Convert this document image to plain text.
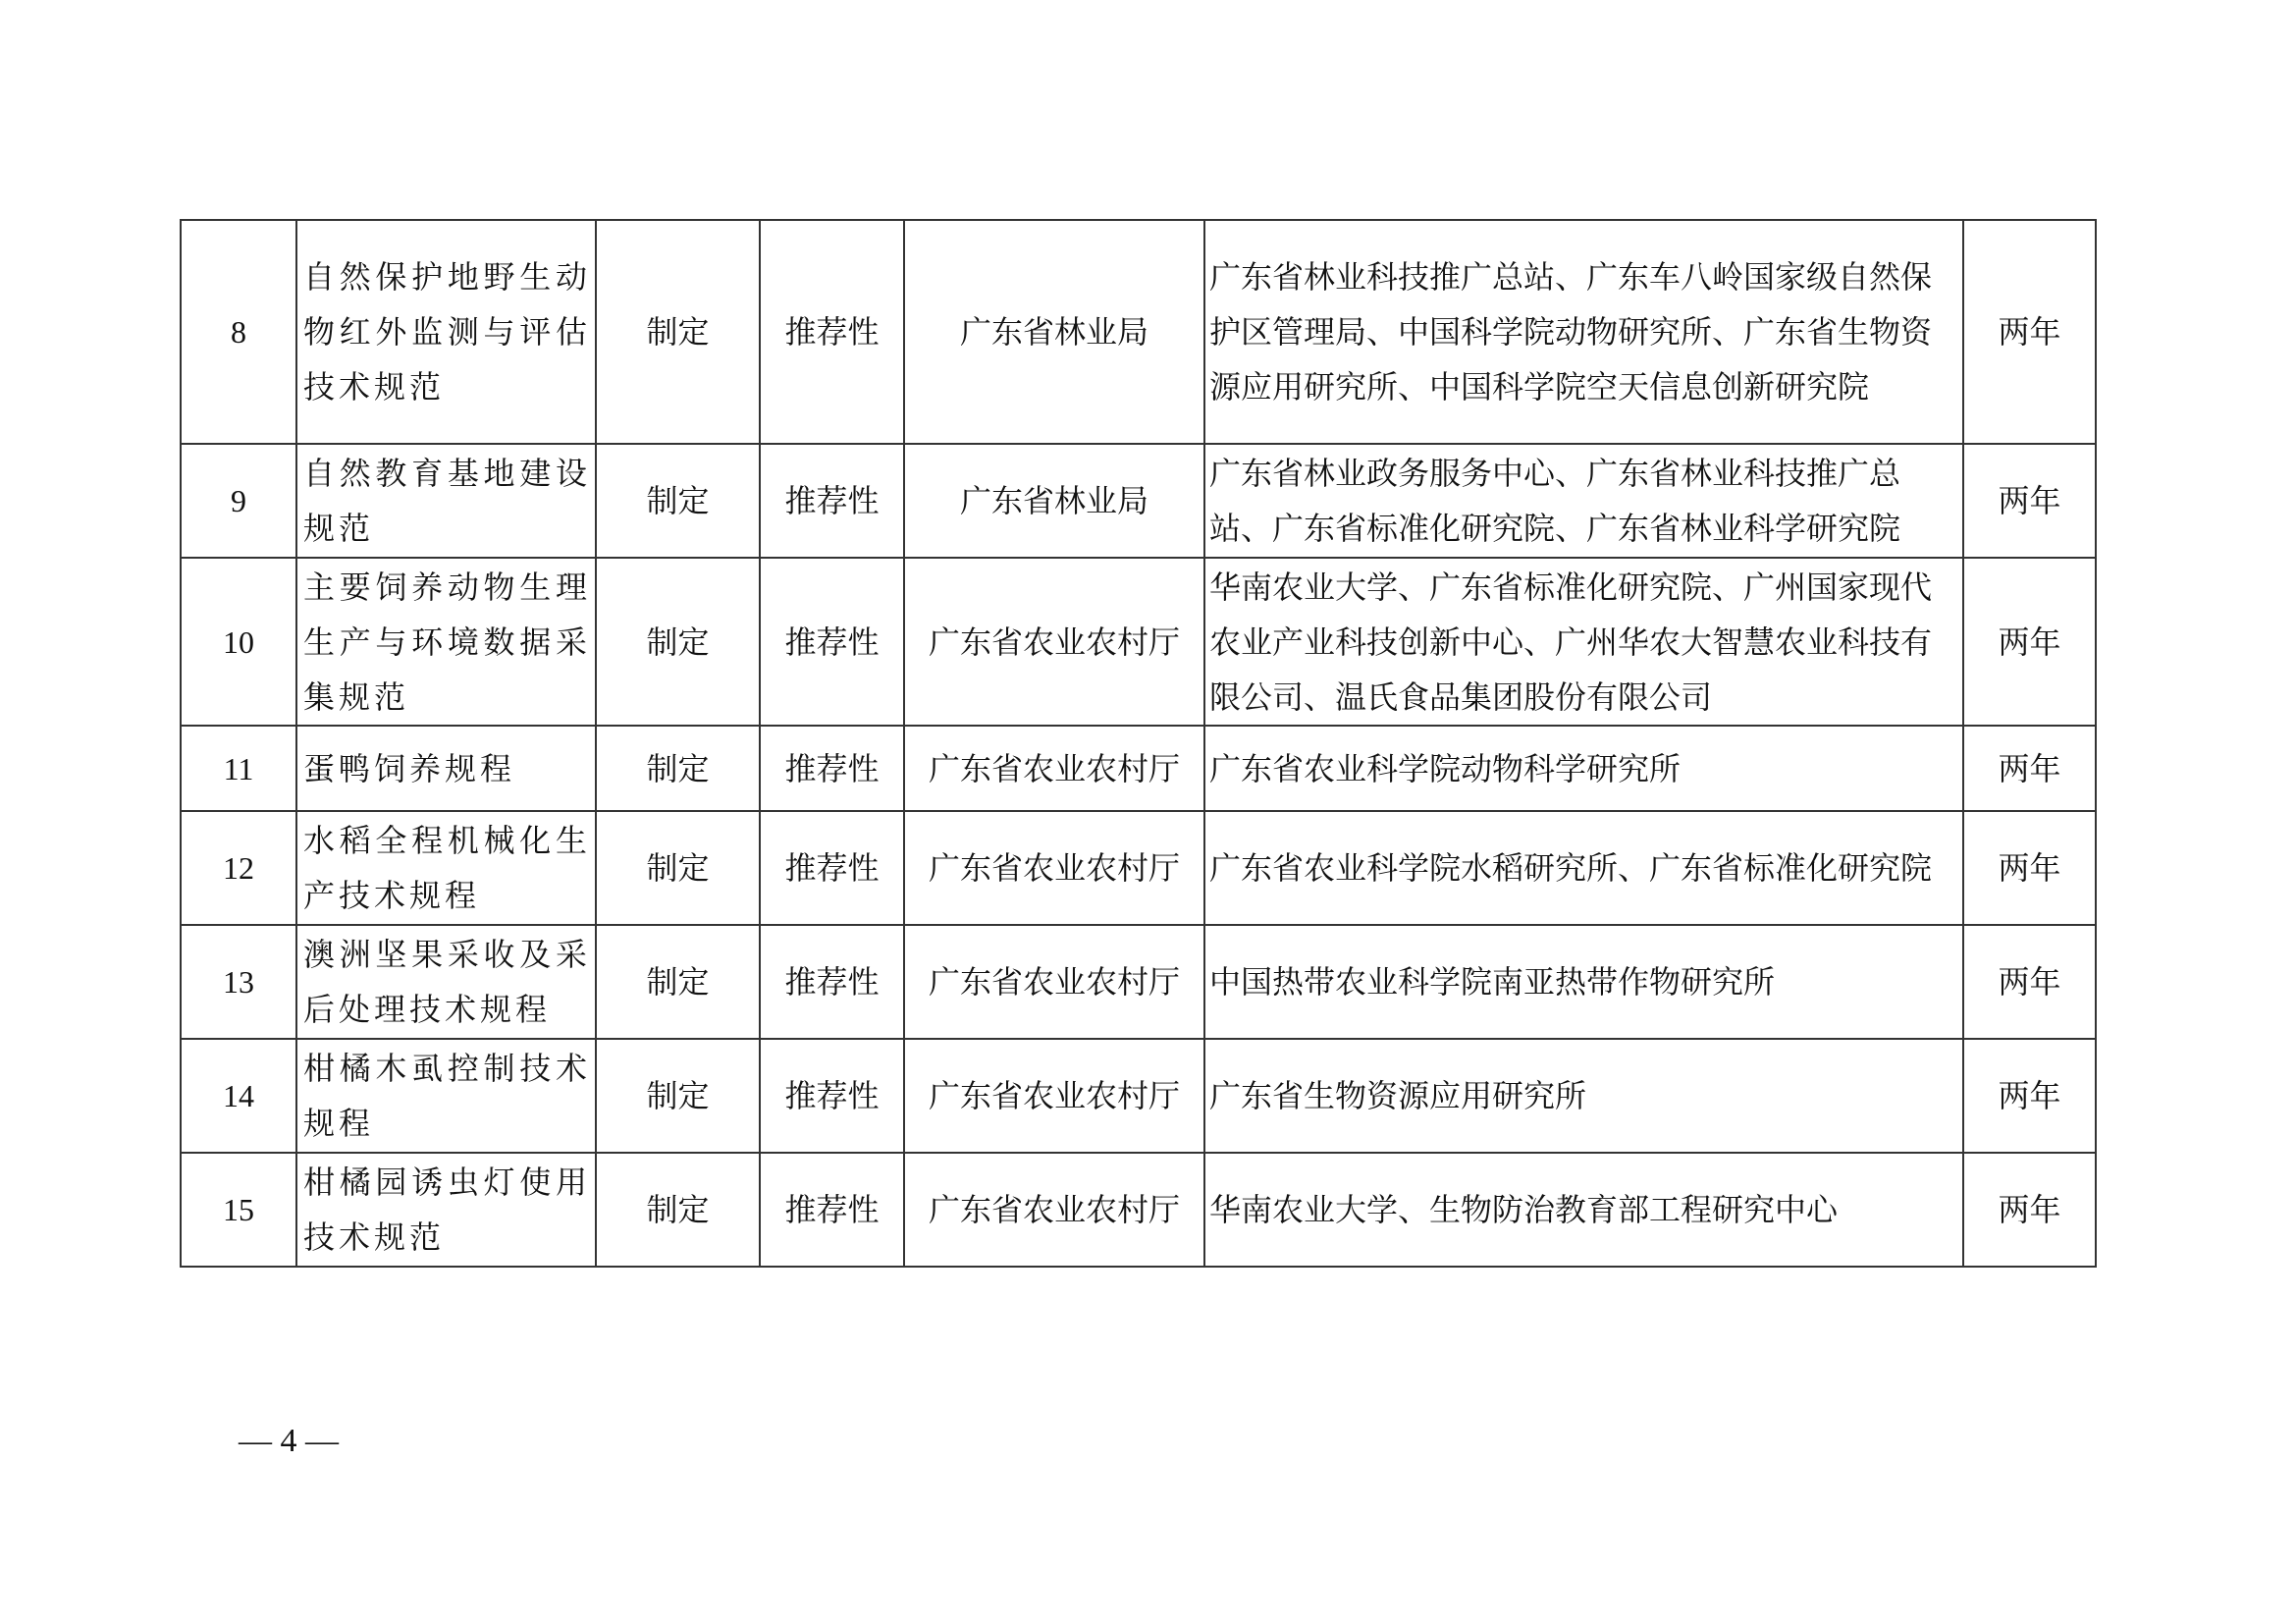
8	自然保护地野生动物红外监测与评估技术规范	制定	推荐性	广东省林业局	广东省林业科技推广总站、广东车八岭国家级自然保护区管理局、中国科学院动物研究所、广东省生物资源应用研究所、中国科学院空天信息创新研究院	两年
9	自然教育基地建设规范	制定	推荐性	广东省林业局	广东省林业政务服务中心、广东省林业科技推广总站、广东省标准化研究院、广东省林业科学研究院	两年
10	主要饲养动物生理生产与环境数据采集规范	制定	推荐性	广东省农业农村厅	华南农业大学、广东省标准化研究院、广州国家现代农业产业科技创新中心、广州华农大智慧农业科技有限公司、温氏食品集团股份有限公司	两年
11	蛋鸭饲养规程	制定	推荐性	广东省农业农村厅	广东省农业科学院动物科学研究所	两年
12	水稻全程机械化生产技术规程	制定	推荐性	广东省农业农村厅	广东省农业科学院水稻研究所、广东省标准化研究院	两年
13	澳洲坚果采收及采后处理技术规程	制定	推荐性	广东省农业农村厅	中国热带农业科学院南亚热带作物研究所	两年
14	柑橘木虱控制技术规程	制定	推荐性	广东省农业农村厅	广东省生物资源应用研究所	两年
15	柑橘园诱虫灯使用技术规范	制定	推荐性	广东省农业农村厅	华南农业大学、生物防治教育部工程研究中心	两年
— 4 —
